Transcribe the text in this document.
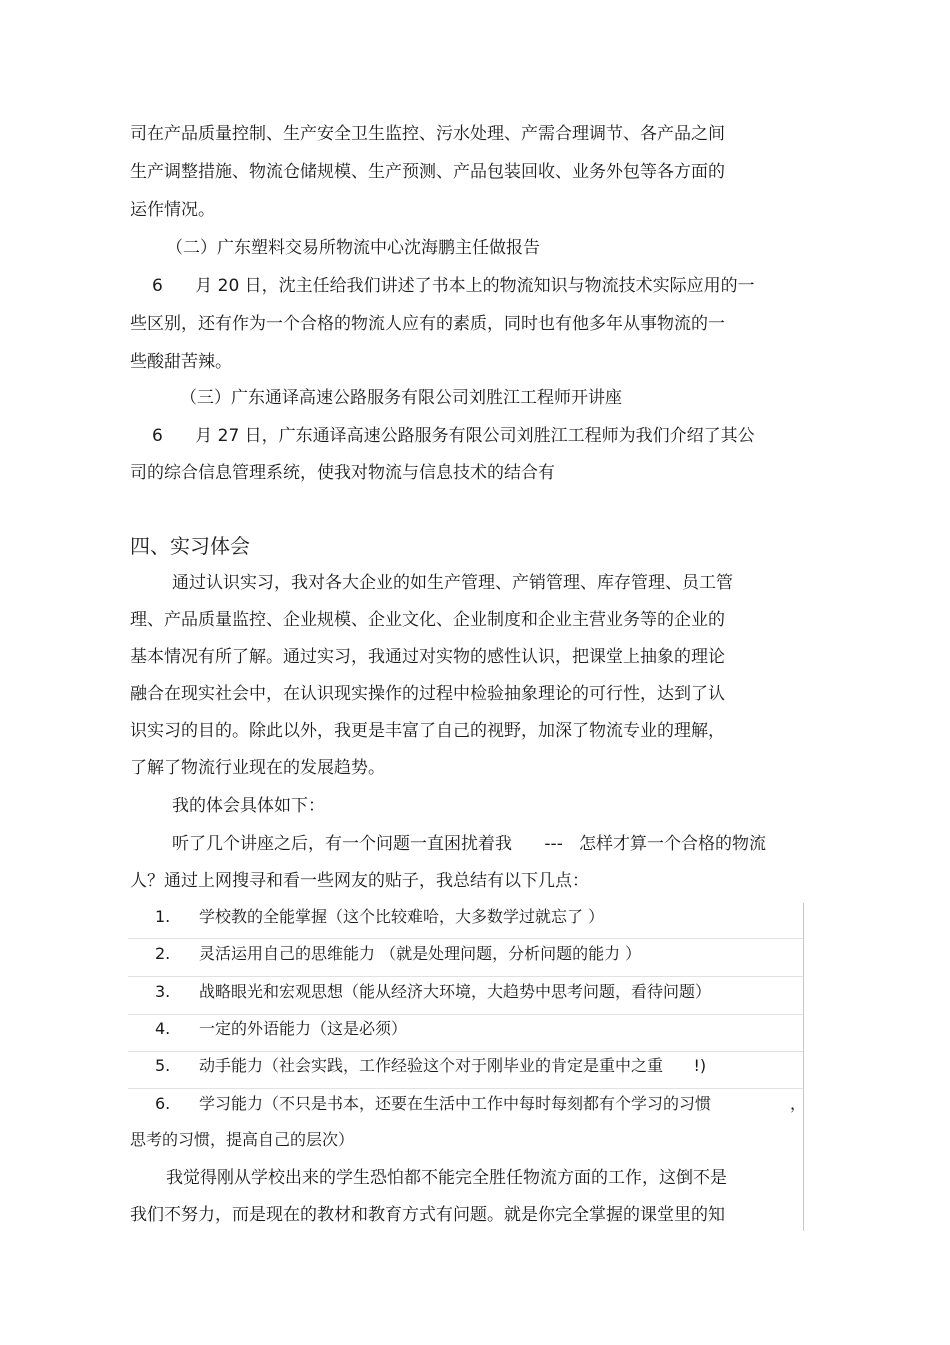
司在产品质量控制、生产安全卫生监控、污水处理、产需合理调节、各产品之间
生产调整措施、物流仓储规模、生产预测、产品包装回收、业务外包等各方面的
运作情况。
（二）广东塑料交易所物流中心沈海鹏主任做报告
6      月 20 日，沈主任给我们讲述了书本上的物流知识与物流技术实际应用的一
些区别，还有作为一个合格的物流人应有的素质，同时也有他多年从事物流的一
些酸甜苦辣。
（三）广东通译高速公路服务有限公司刘胜江工程师开讲座
6      月 27 日，广东通译高速公路服务有限公司刘胜江工程师为我们介绍了其公
司的综合信息管理系统，使我对物流与信息技术的结合有
四、实习体会
通过认识实习，我对各大企业的如生产管理、产销管理、库存管理、员工管
理、产品质量监控、企业规模、企业文化、企业制度和企业主营业务等的企业的
基本情况有所了解。通过实习，我通过对实物的感性认识，把课堂上抽象的理论
融合在现实社会中，在认识现实操作的过程中检验抽象理论的可行性，达到了认
识实习的目的。除此以外，我更是丰富了自己的视野，加深了物流专业的理解，
了解了物流行业现在的发展趋势。
我的体会具体如下：
听了几个讲座之后，有一个问题一直困扰着我      ---   怎样才算一个合格的物流
人？通过上网搜寻和看一些网友的贴子，我总结有以下几点：
1. 学校教的全能掌握（这个比较难哈，大多数学过就忘了 ）
2. 灵活运用自己的思维能力 （就是处理问题，分析问题的能力 ）
3. 战略眼光和宏观思想（能从经济大环境，大趋势中思考问题，看待问题）
4. 一定的外语能力（这是必须）
5. 动手能力（社会实践，工作经验这个对于刚毕业的肯定是重中之重      !)
6. 学习能力（不只是书本，还要在生活中工作中每时每刻都有个学习的习惯	，
思考的习惯，提高自己的层次）
我觉得刚从学校出来的学生恐怕都不能完全胜任物流方面的工作，这倒不是
我们不努力，而是现在的教材和教育方式有问题。就是你完全掌握的课堂里的知
